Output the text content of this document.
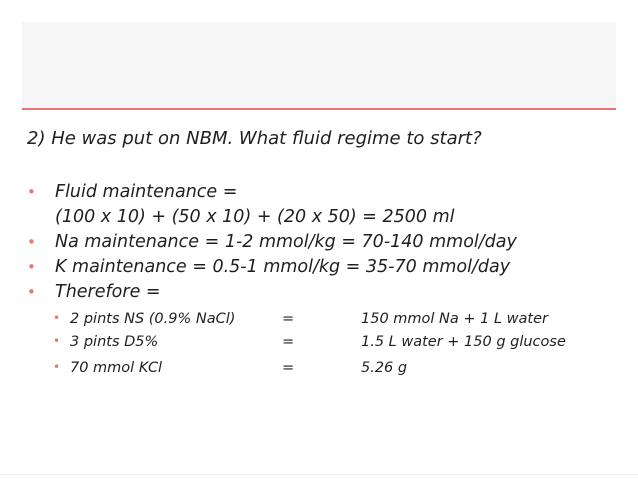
2) He was put on NBM. What fluid regime to start?
• Fluid maintenance =
(100 x 10) + (50 x 10) + (20 x 50) = 2500 ml
• Na maintenance = 1-2 mmol/kg = 70-140 mmol/day
• K maintenance = 0.5-1 mmol/kg = 35-70 mmol/day
• Therefore =
• 2 pints NS (0.9% NaCl)	=	150 mmol Na + 1 L water
• 3 pints D5%	=	1.5 L water + 150 g glucose
• 70 mmol KCl	=	5.26 g
